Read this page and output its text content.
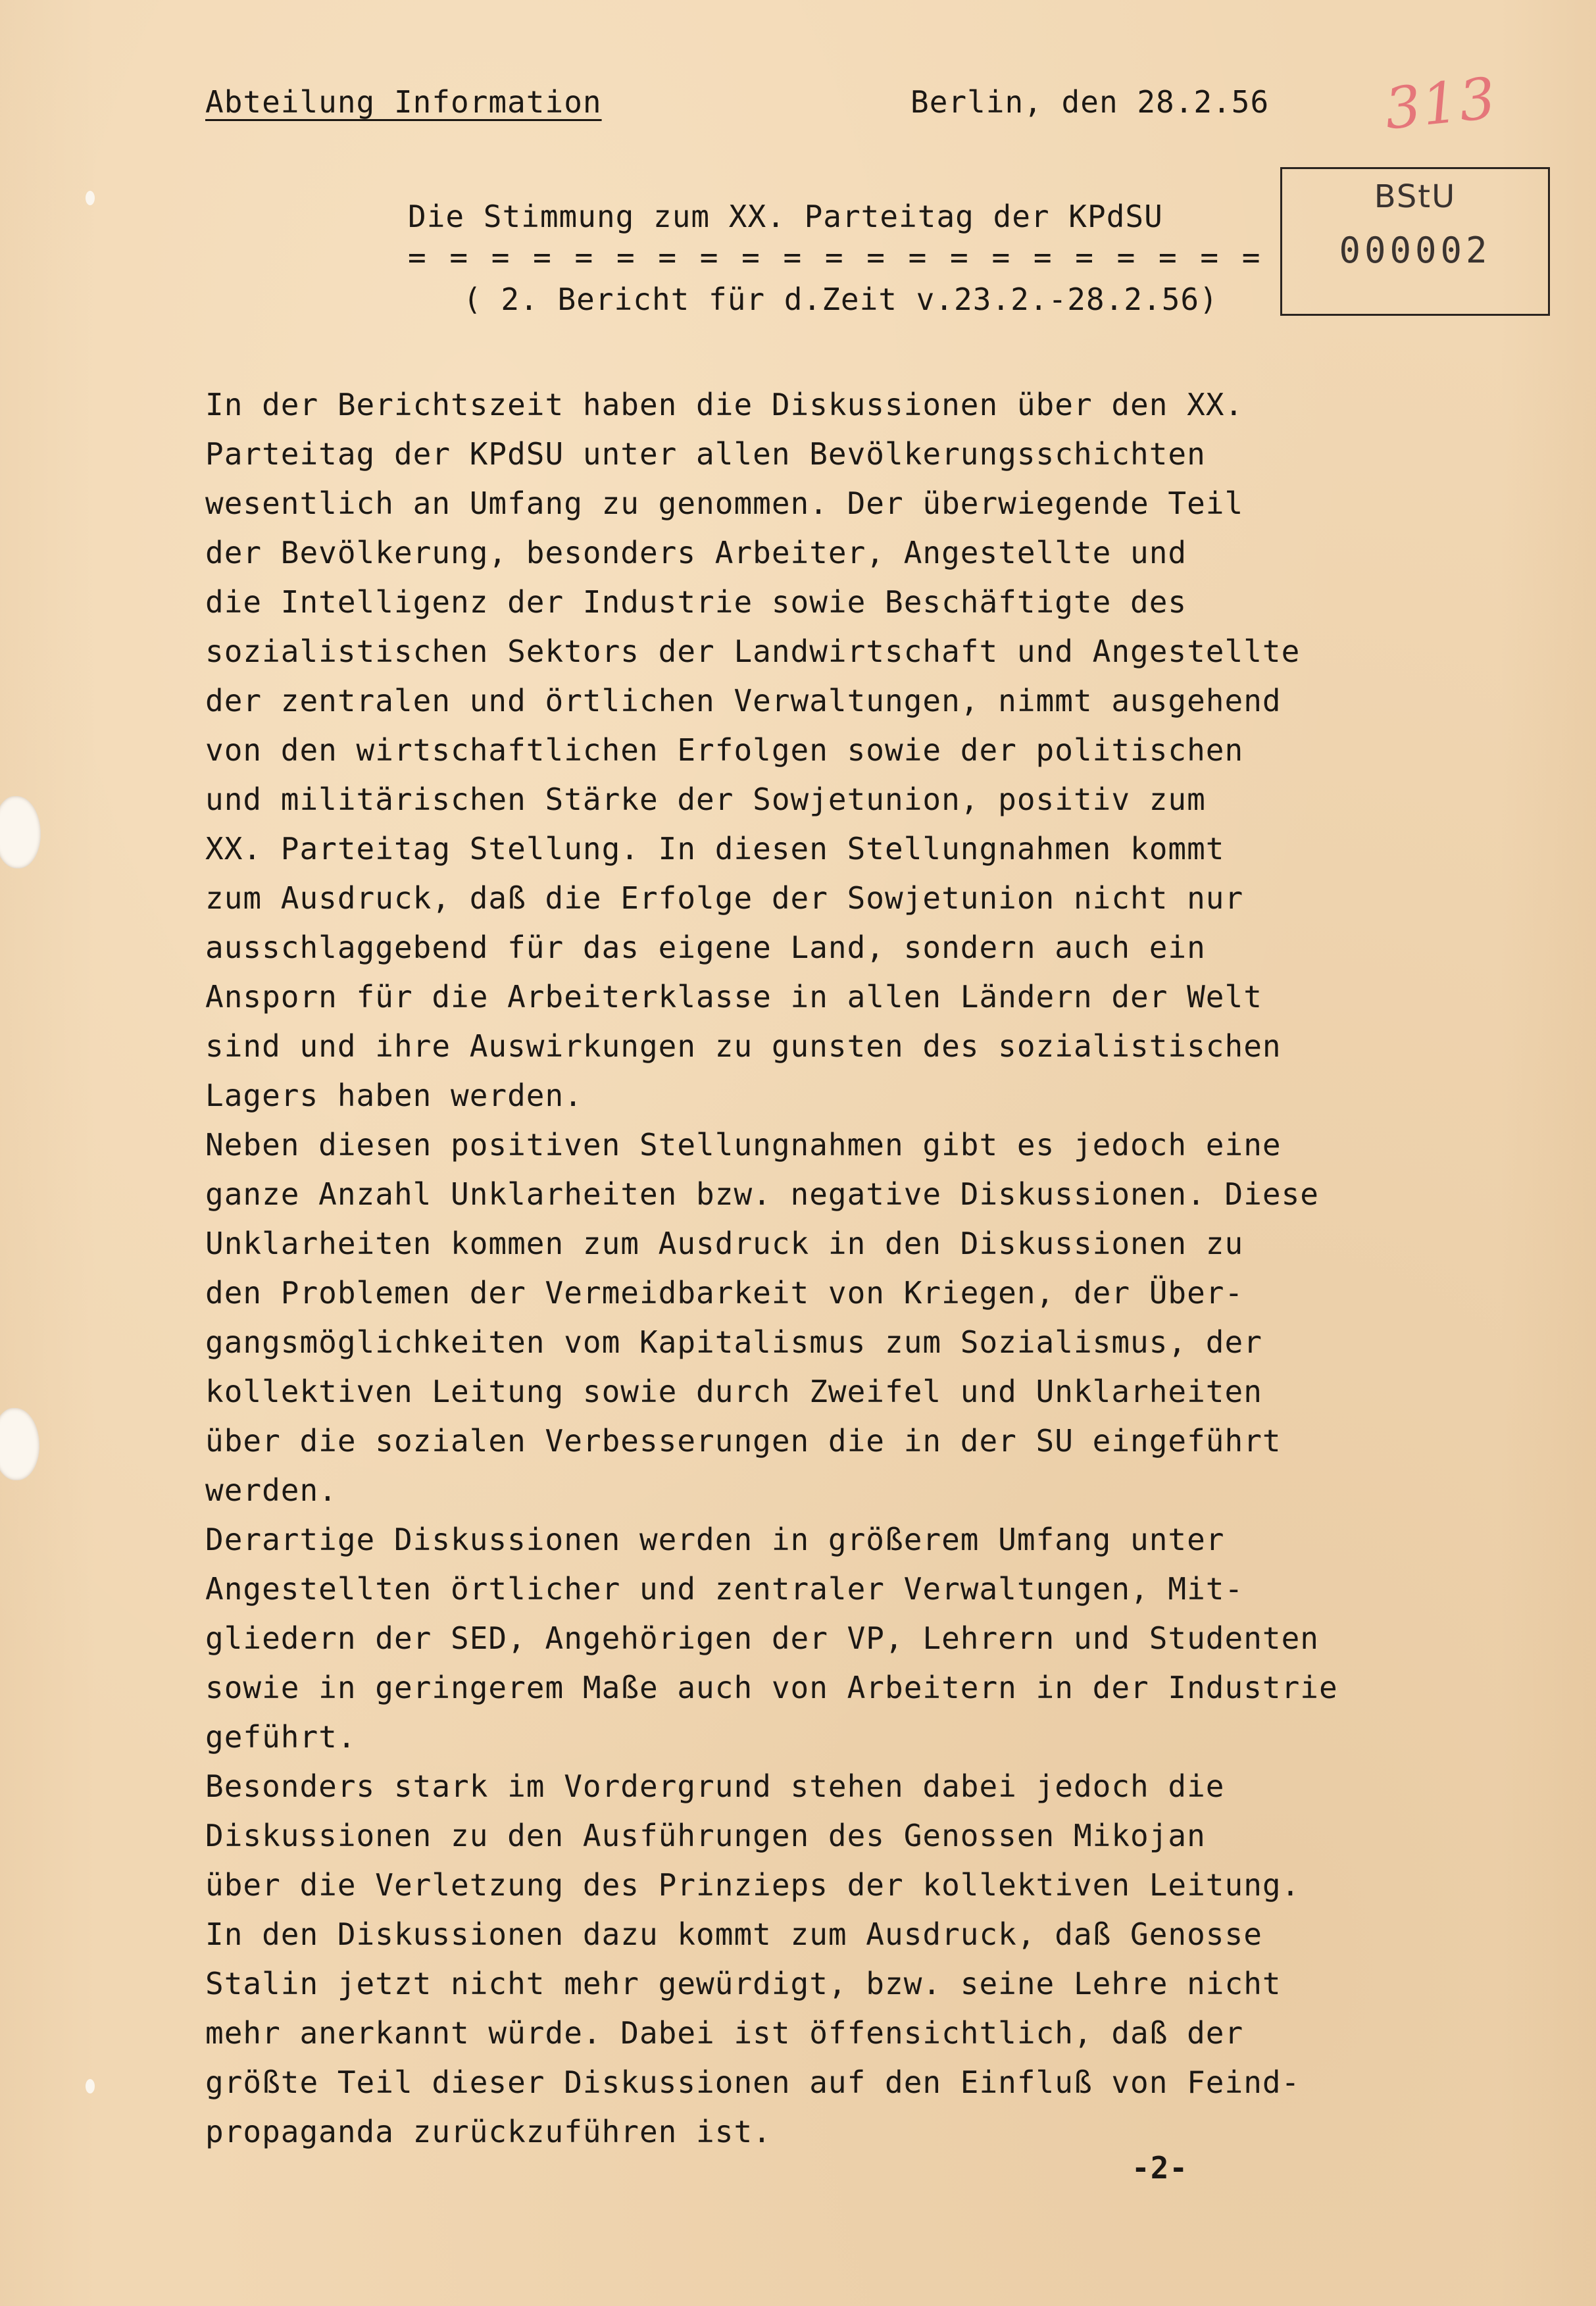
Abteilung Information	Berlin, den 28.2.56 313
BStU
000002
Die Stimmung zum XX. Parteitag der KPdSU
= = = = = = = = = = = = = = = = = = = = =
( 2. Bericht für d.Zeit v.23.2.-28.2.56)
In der Berichtszeit haben die Diskussionen über den XX.
Parteitag der KPdSU unter allen Bevölkerungsschichten
wesentlich an Umfang zu genommen. Der überwiegende Teil
der Bevölkerung, besonders Arbeiter, Angestellte und
die Intelligenz der Industrie sowie Beschäftigte des
sozialistischen Sektors der Landwirtschaft und Angestellte
der zentralen und örtlichen Verwaltungen, nimmt ausgehend
von den wirtschaftlichen Erfolgen sowie der politischen
und militärischen Stärke der Sowjetunion, positiv zum
XX. Parteitag Stellung. In diesen Stellungnahmen kommt
zum Ausdruck, daß die Erfolge der Sowjetunion nicht nur
ausschlaggebend für das eigene Land, sondern auch ein
Ansporn für die Arbeiterklasse in allen Ländern der Welt
sind und ihre Auswirkungen zu gunsten des sozialistischen
Lagers haben werden.
Neben diesen positiven Stellungnahmen gibt es jedoch eine
ganze Anzahl Unklarheiten bzw. negative Diskussionen. Diese
Unklarheiten kommen zum Ausdruck in den Diskussionen zu
den Problemen der Vermeidbarkeit von Kriegen, der Über-
gangsmöglichkeiten vom Kapitalismus zum Sozialismus, der
kollektiven Leitung sowie durch Zweifel und Unklarheiten
über die sozialen Verbesserungen die in der SU eingeführt
werden.
Derartige Diskussionen werden in größerem Umfang unter
Angestellten örtlicher und zentraler Verwaltungen, Mit-
gliedern der SED, Angehörigen der VP, Lehrern und Studenten
sowie in geringerem Maße auch von Arbeitern in der Industrie
geführt.
Besonders stark im Vordergrund stehen dabei jedoch die
Diskussionen zu den Ausführungen des Genossen Mikojan
über die Verletzung des Prinzieps der kollektiven Leitung.
In den Diskussionen dazu kommt zum Ausdruck, daß Genosse
Stalin jetzt nicht mehr gewürdigt, bzw. seine Lehre nicht
mehr anerkannt würde. Dabei ist öffensichtlich, daß der
größte Teil dieser Diskussionen auf den Einfluß von Feind-
propaganda zurückzuführen ist.
-2-
